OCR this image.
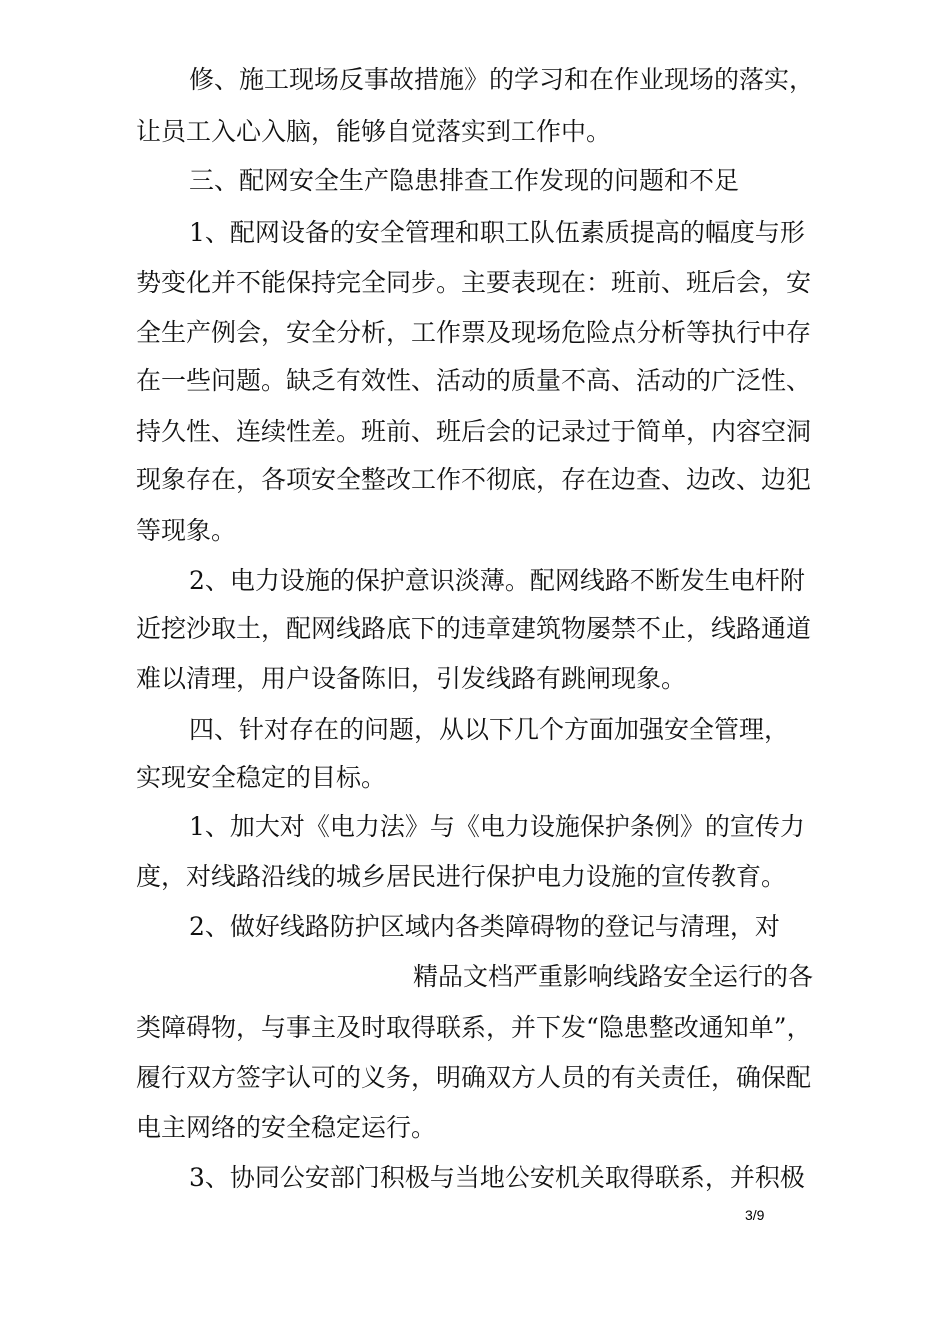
修、施工现场反事故措施》的学习和在作业现场的落实，

让员工入心入脑，能够自觉落实到工作中。

三、配网安全生产隐患排查工作发现的问题和不足

1、配网设备的安全管理和职工队伍素质提高的幅度与形

势变化并不能保持完全同步。主要表现在：班前、班后会，安

全生产例会，安全分析，工作票及现场危险点分析等执行中存

在一些问题。缺乏有效性、活动的质量不高、活动的广泛性、

持久性、连续性差。班前、班后会的记录过于简单，内容空洞

现象存在，各项安全整改工作不彻底，存在边查、边改、边犯

等现象。

2、电力设施的保护意识淡薄。配网线路不断发生电杆附

近挖沙取土，配网线路底下的违章建筑物屡禁不止，线路通道

难以清理，用户设备陈旧，引发线路有跳闸现象。

四、针对存在的问题，从以下几个方面加强安全管理，

实现安全稳定的目标。

1、加大对《电力法》与《电力设施保护条例》的宣传力

度，对线路沿线的城乡居民进行保护电力设施的宣传教育。

2、做好线路防护区域内各类障碍物的登记与清理，对

精品文档严重影响线路安全运行的各

类障碍物，与事主及时取得联系，并下发“隐患整改通知单”，

履行双方签字认可的义务，明确双方人员的有关责任，确保配

电主网络的安全稳定运行。

3、协同公安部门积极与当地公安机关取得联系，并积极

3/9
